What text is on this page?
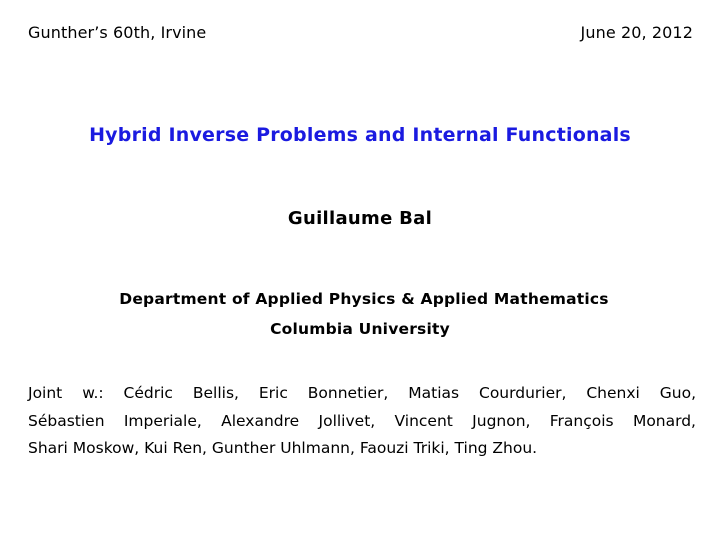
Gunther’s 60th, Irvine	June 20, 2012
Hybrid Inverse Problems and Internal Functionals
Guillaume Bal
Department of Applied Physics & Applied Mathematics
Columbia University
Joint w.: Cédric Bellis, Eric Bonnetier, Matias Courdurier, Chenxi Guo,
Sébastien Imperiale, Alexandre Jollivet, Vincent Jugnon, François Monard,
Shari Moskow, Kui Ren, Gunther Uhlmann, Faouzi Triki, Ting Zhou.
